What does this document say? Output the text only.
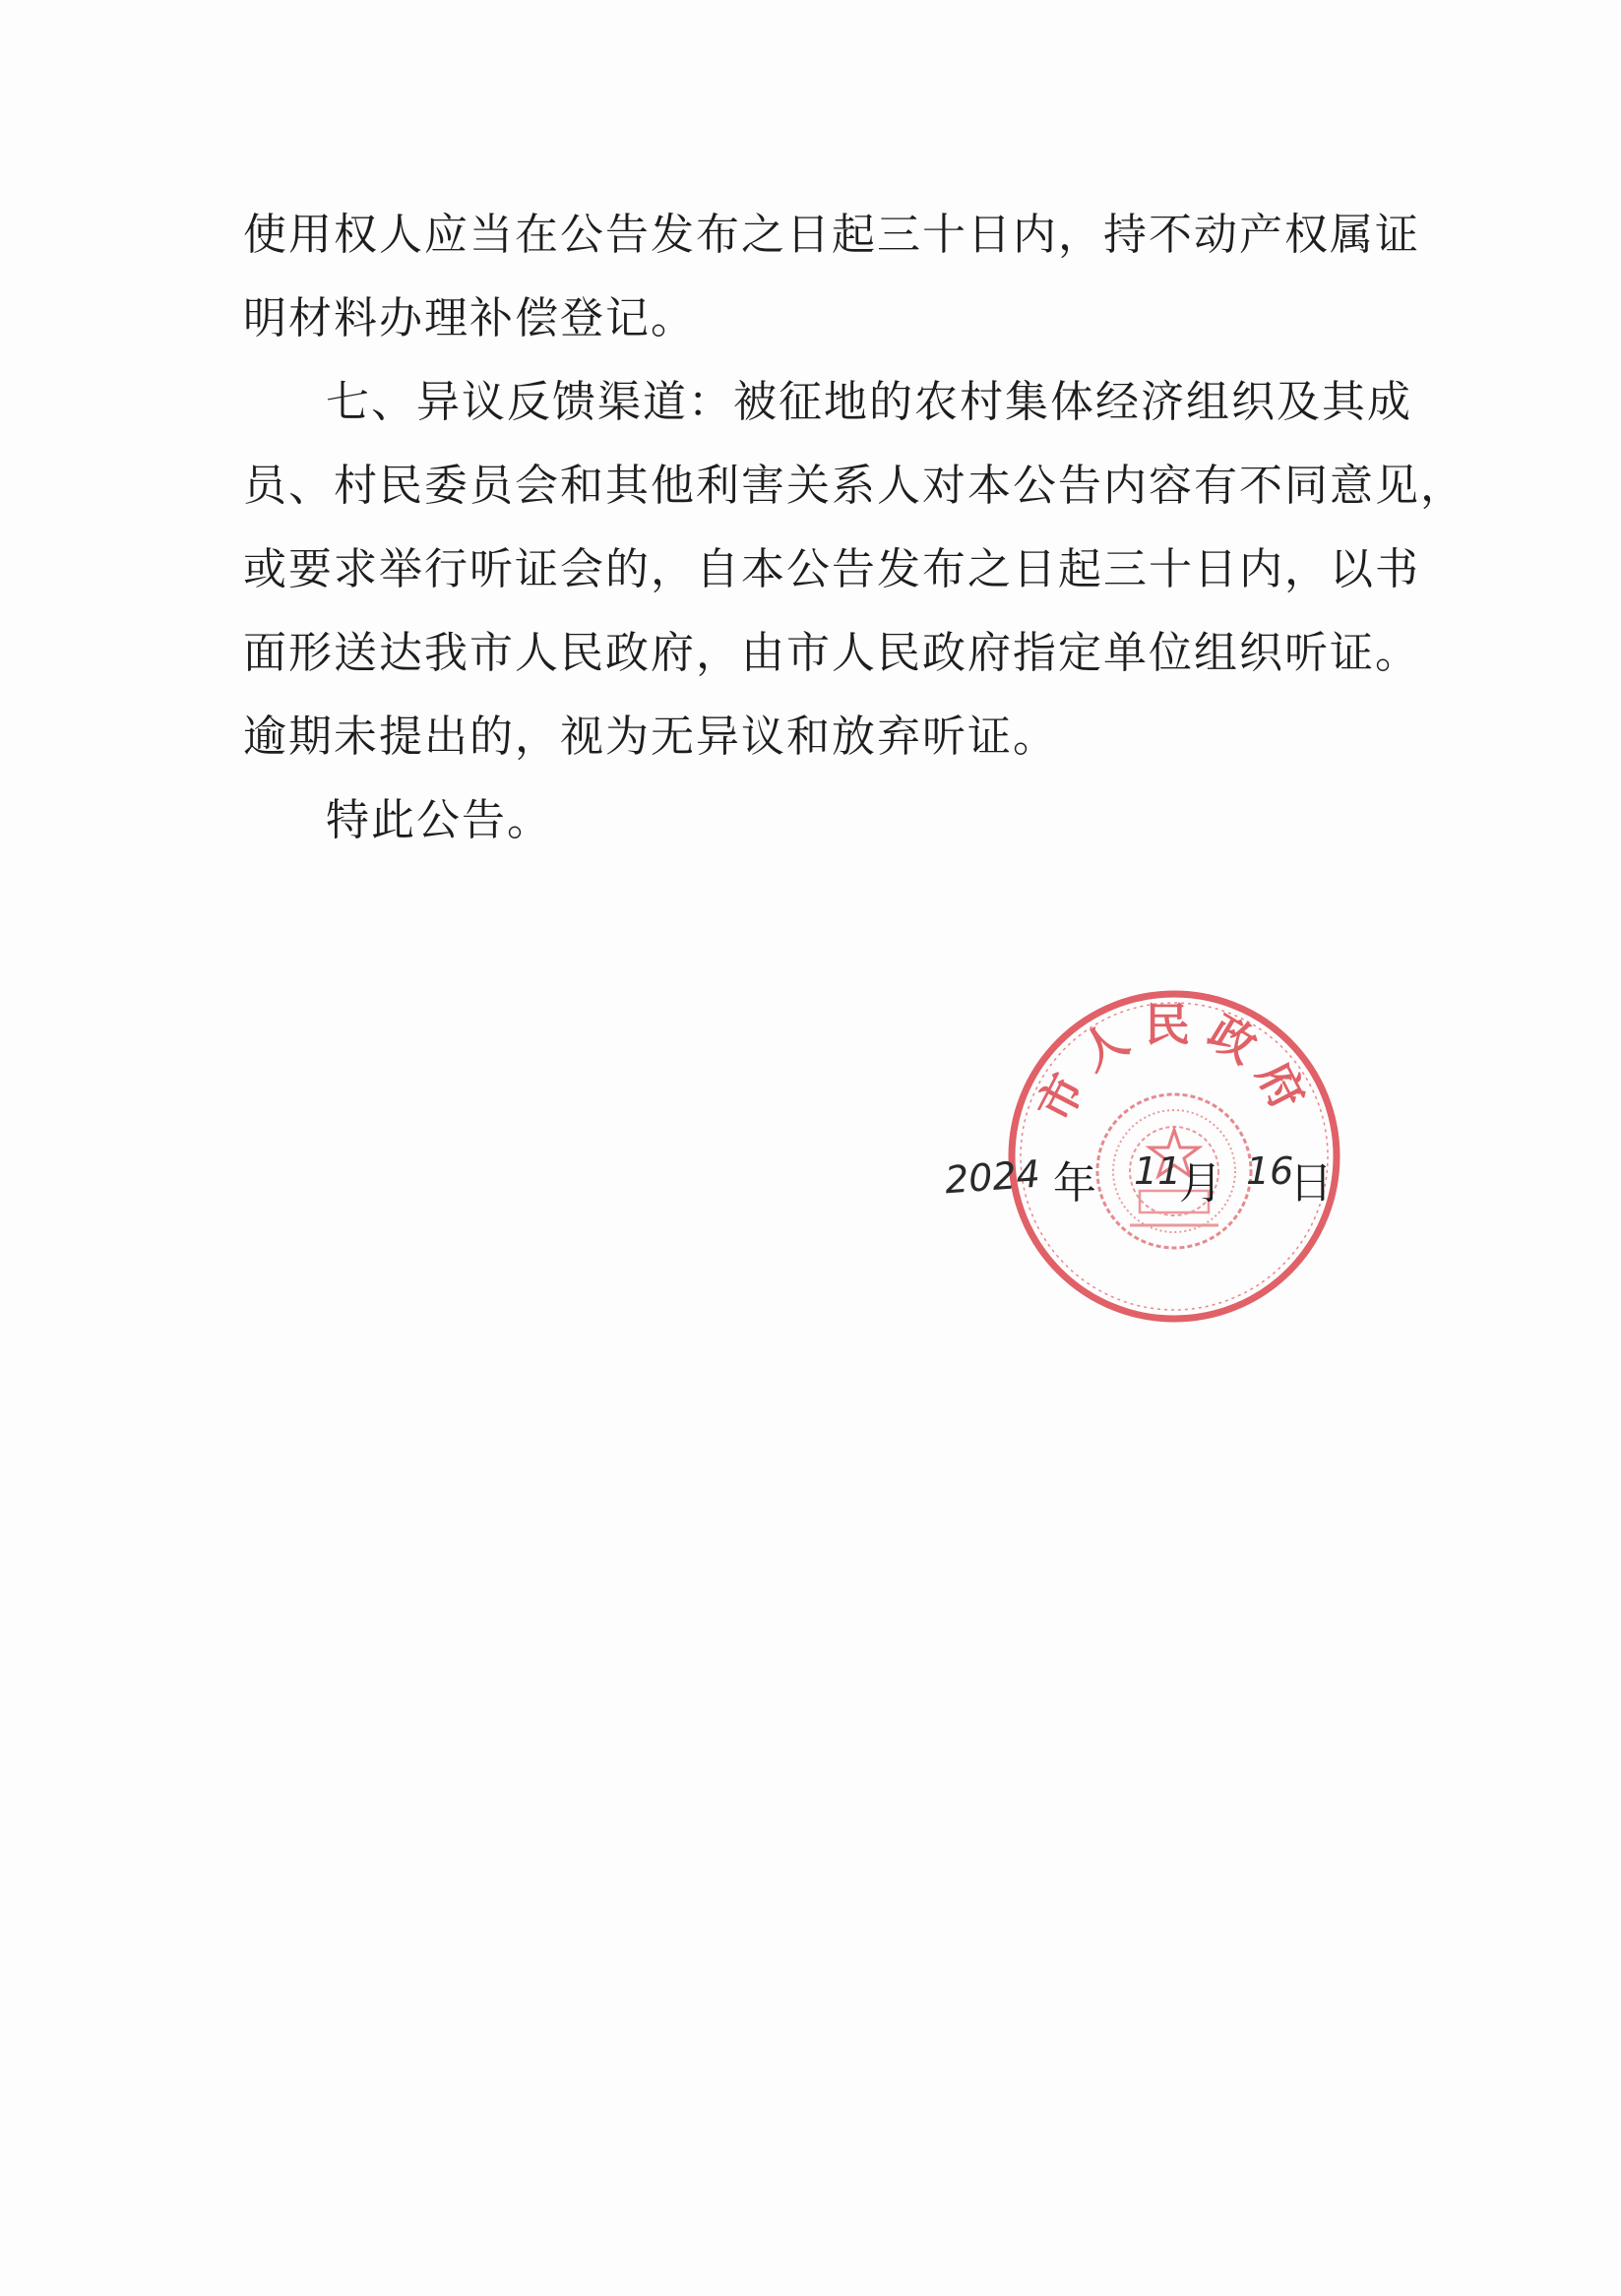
使用权人应当在公告发布之日起三十日内，持不动产权属证
明材料办理补偿登记。
七、异议反馈渠道：被征地的农村集体经济组织及其成
员、村民委员会和其他利害关系人对本公告内容有不同意见，
或要求举行听证会的，自本公告发布之日起三十日内，以书
面形送达我市人民政府，由市人民政府指定单位组织听证。
逾期未提出的，视为无异议和放弃听证。
特此公告。
市人民政府
2024 年 11
月 16
日
